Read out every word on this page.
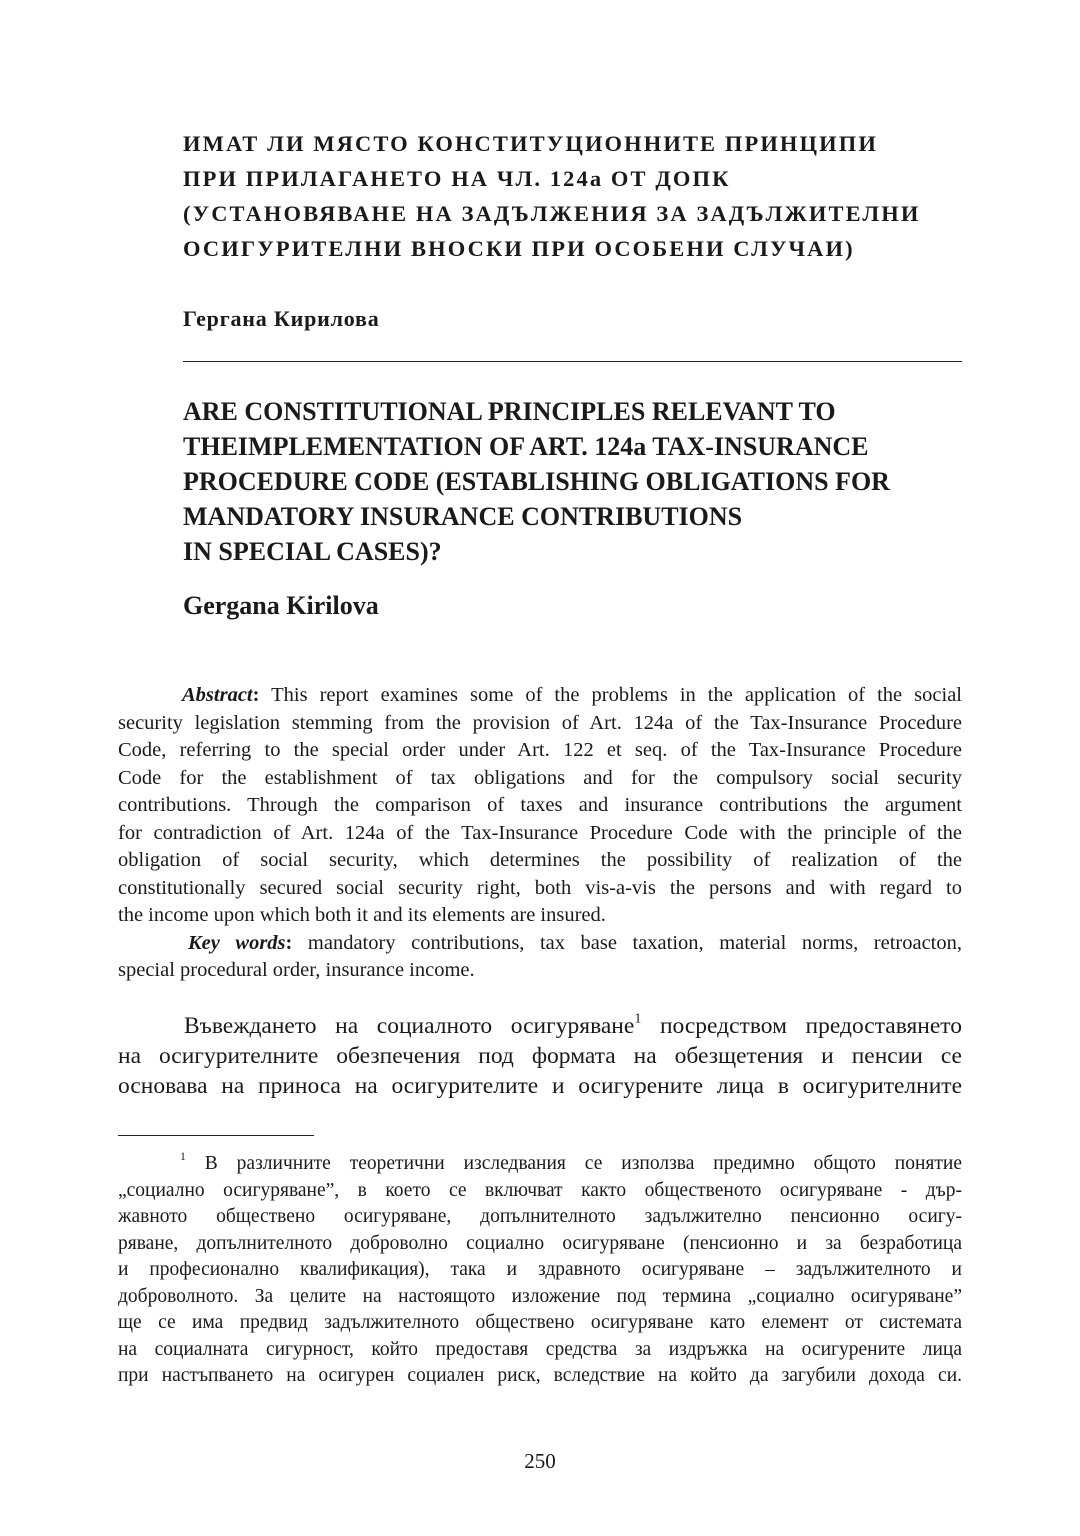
ИМАТ ЛИ МЯСТО КОНСТИТУЦИОННИТЕ ПРИНЦИПИ
ПРИ ПРИЛАГАНЕТО НА ЧЛ. 124а ОТ ДОПК
(УСТАНОВЯВАНЕ НА ЗАДЪЛЖЕНИЯ ЗА ЗАДЪЛЖИТЕЛНИ
ОСИГУРИТЕЛНИ ВНОСКИ ПРИ ОСОБЕНИ СЛУЧАИ)

Гергана Кирилова

ARE CONSTITUTIONAL PRINCIPLES RELEVANT TO
THEIMPLEMENTATION OF ART. 124a TAX-INSURANCE
PROCEDURE CODE (ESTABLISHING OBLIGATIONS FOR
MANDATORY INSURANCE CONTRIBUTIONS
IN SPECIAL CASES)?

Gergana Kirilova

Abstract: This report examines some of the problems in the application of the social
security legislation stemming from the provision of Art. 124a of the Tax-Insurance Procedure
Code, referring to the special order under Art. 122 et seq. of the Tax-Insurance Procedure
Code for the establishment of tax obligations and for the compulsory social security
contributions. Through the comparison of taxes and insurance contributions the argument
for contradiction of Art. 124a of the Tax-Insurance Procedure Code with the principle of the
obligation of social security, which determines the possibility of realization of the
constitutionally secured social security right, both vis-a-vis the persons and with regard to
the income upon which both it and its elements are insured.
Key words: mandatory contributions, tax base taxation, material norms, retroacton,
special procedural order, insurance income.
Въвеждането на социалното осигуряване$^1$ посредством предоставянето
на осигурителните обезпечения под формата на обезщетения и пенсии се
основава на приноса на осигурителите и осигурените лица в осигурителните
$^1$ В различните теоретични изследвания се използва предимно общото понятие
„социално осигуряване”, в което се включват както общественото осигуряване - дър-
жавното обществено осигуряване, допълнителното задължително пенсионно осигу-
ряване, допълнителното доброволно социално осигуряване (пенсионно и за безработица
и професионално квалификация), така и здравното осигуряване – задължителното и
доброволното. За целите на настоящото изложение под термина „социално осигуряване”
ще се има предвид задължителното обществено осигуряване като елемент от системата
на социалната сигурност, който предоставя средства за издръжка на осигурените лица
при настъпването на осигурен социален риск, вследствие на който да загубили дохода си.

250
